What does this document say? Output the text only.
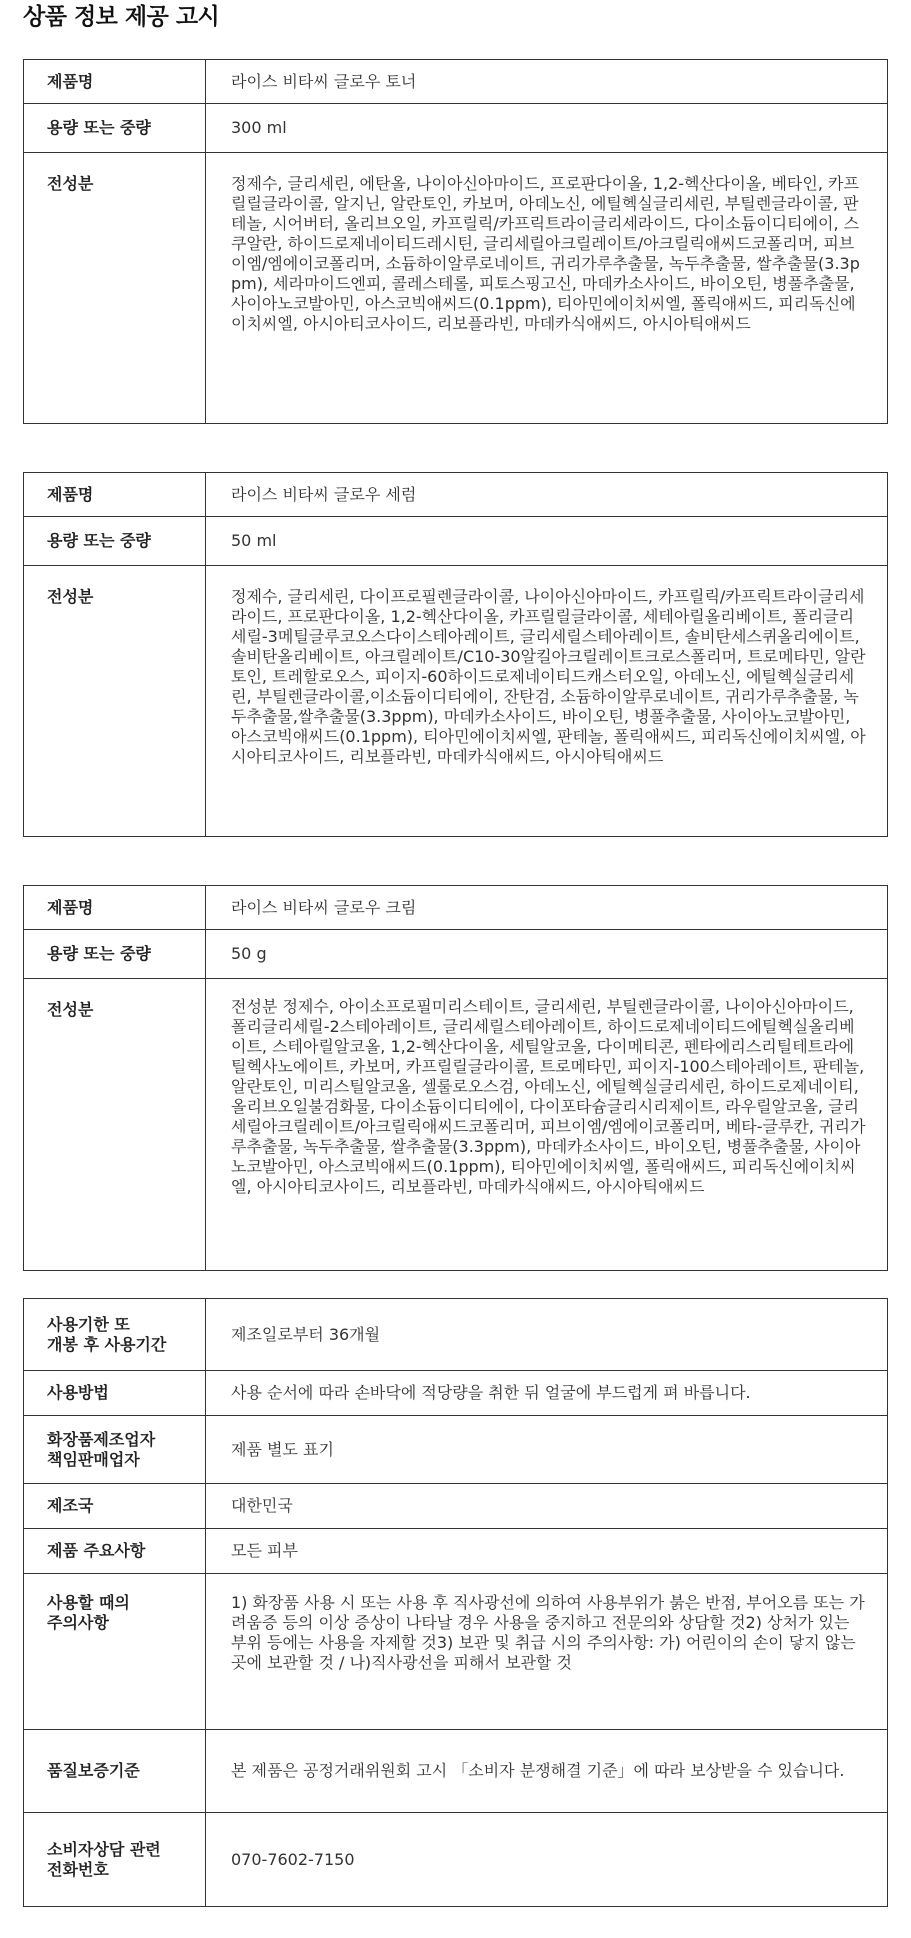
상품 정보 제공 고시
제품명	라이스 비타씨 글로우 토너

용량 또는 중량	300 ml

전성분	정제수, 글리세린, 에탄올, 나이아신아마이드, 프로판다이올, 1,2-헥산다이올, 베타인, 카프릴릴글라이콜, 알지닌, 알란토인, 카보머, 아데노신, 에틸헥실글리세린, 부틸렌글라이콜, 판테놀, 시어버터, 올리브오일, 카프릴릭/카프릭트라이글리세라이드, 다이소듐이디티에이, 스쿠알란, 하이드로제네이티드레시틴, 글리세릴아크릴레이트/아크릴릭애씨드코폴리머, 피브이엠/엠에이코폴리머, 소듐하이알루로네이트, 귀리가루추출물, 녹두추출물, 쌀추출물(3.3ppm), 세라마이드엔피, 콜레스테롤, 피토스핑고신, 마데카소사이드, 바이오틴, 병풀추출물, 사이아노코발아민, 아스코빅애씨드(0.1ppm), 티아민에이치씨엘, 폴릭애씨드, 피리독신에이치씨엘, 아시아티코사이드, 리보플라빈, 마데카식애씨드, 아시아틱애씨드
제품명	라이스 비타씨 글로우 세럼

용량 또는 중량	50 ml

전성분	정제수, 글리세린, 다이프로필렌글라이콜, 나이아신아마이드, 카프릴릭/카프릭트라이글리세라이드, 프로판다이올, 1,2-헥산다이올, 카프릴릴글라이콜, 세테아릴올리베이트, 폴리글리세릴-3메틸글루코오스다이스테아레이트, 글리세릴스테아레이트, 솔비탄세스퀴올리에이트, 솔비탄올리베이트, 아크릴레이트/C10-30알킬아크릴레이트크로스폴리머, 트로메타민, 알란토인, 트레할로오스, 피이지-60하이드로제네이티드캐스터오일, 아데노신, 에틸헥실글리세린, 부틸렌글라이콜,이소듐이디티에이, 잔탄검, 소듐하이알루로네이트, 귀리가루추출물, 녹두추출물,쌀추출물(3.3ppm), 마데카소사이드, 바이오틴, 병풀추출물, 사이아노코발아민, 아스코빅애씨드(0.1ppm), 티아민에이치씨엘, 판테놀, 폴릭애씨드, 피리독신에이치씨엘, 아시아티코사이드, 리보플라빈, 마데카식애씨드, 아시아틱애씨드
제품명	라이스 비타씨 글로우 크림

용량 또는 중량	50 g

전성분	전성분 정제수, 아이소프로필미리스테이트, 글리세린, 부틸렌글라이콜, 나이아신아마이드, 폴리글리세릴-2스테아레이트, 글리세릴스테아레이트, 하이드로제네이티드에틸헥실올리베이트, 스테아릴알코올, 1,2-헥산다이올, 세틸알코올, 다이메티콘, 펜타에리스리틸테트라에틸헥사노에이트, 카보머, 카프릴릴글라이콜, 트로메타민, 피이지-100스테아레이트, 판테놀, 알란토인, 미리스틸알코올, 셀룰로오스검, 아데노신, 에틸헥실글리세린, 하이드로제네이티, 올리브오일불검화물, 다이소듐이디티에이, 다이포타슘글리시리제이트, 라우릴알코올, 글리세릴아크릴레이트/아크릴릭애씨드코폴리머, 피브이엠/엠에이코폴리머, 베타-글루칸, 귀리가루추출물, 녹두추출물, 쌀추출물(3.3ppm), 마데카소사이드, 바이오틴, 병풀추출물, 사이아노코발아민, 아스코빅애씨드(0.1ppm), 티아민에이치씨엘, 폴릭애씨드, 피리독신에이치씨엘, 아시아티코사이드, 리보플라빈, 마데카식애씨드, 아시아틱애씨드
사용기한 또
개봉 후 사용기간	제조일로부터 36개월

사용방법	사용 순서에 따라 손바닥에 적당량을 취한 뒤 얼굴에 부드럽게 펴 바릅니다.

화장품제조업자
책임판매업자	제품 별도 표기

제조국	대한민국

제품 주요사항	모든 피부

사용할 때의
주의사항	1) 화장품 사용 시 또는 사용 후 직사광선에 의하여 사용부위가 붉은 반점, 부어오름 또는 가려움증 등의 이상 증상이 나타날 경우 사용을 중지하고 전문의와 상담할 것2) 상처가 있는 부위 등에는 사용을 자제할 것3) 보관 및 취급 시의 주의사항: 가) 어린이의 손이 닿지 않는 곳에 보관할 것 / 나)직사광선을 피해서 보관할 것

품질보증기준	본 제품은 공정거래위원회 고시 「소비자 분쟁해결 기준」에 따라 보상받을 수 있습니다.

소비자상담 관련
전화번호	070-7602-7150
